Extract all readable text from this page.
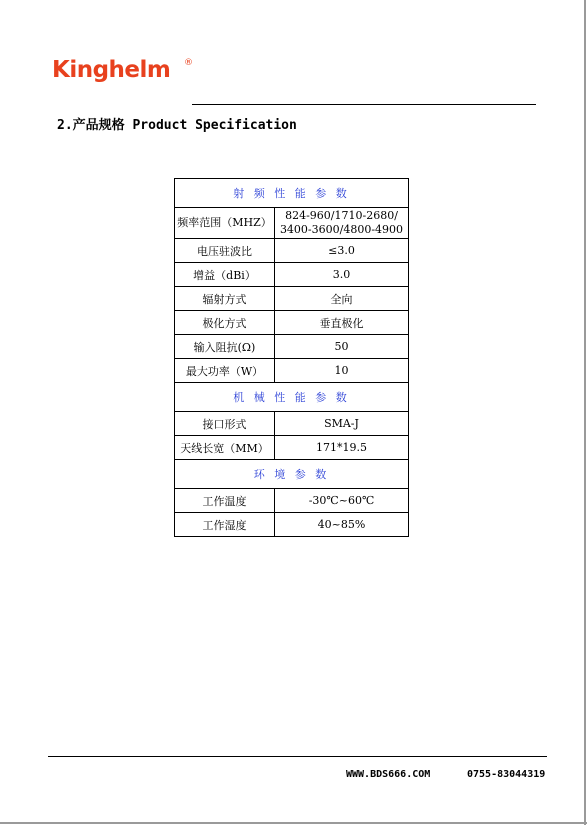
Kinghelm ®
2.产品规格 Product Specification
射 频 性 能 参 数	
频率范围（MHZ）	824-960/1710-2680/
3400-3600/4800-4900

电压驻波比	≤3.0
增益（dBi）	3.0
辐射方式	全向
极化方式	垂直极化
输入阻抗(Ω)	50
最大功率（W）	10
机 械 性 能 参 数	
接口形式	SMA-J
天线长宽（MM）	171*19.5
环 境 参 数	
工作温度	-30℃~60℃
工作湿度	40~85%
WWW.BDS666.COM	0755-83044319
